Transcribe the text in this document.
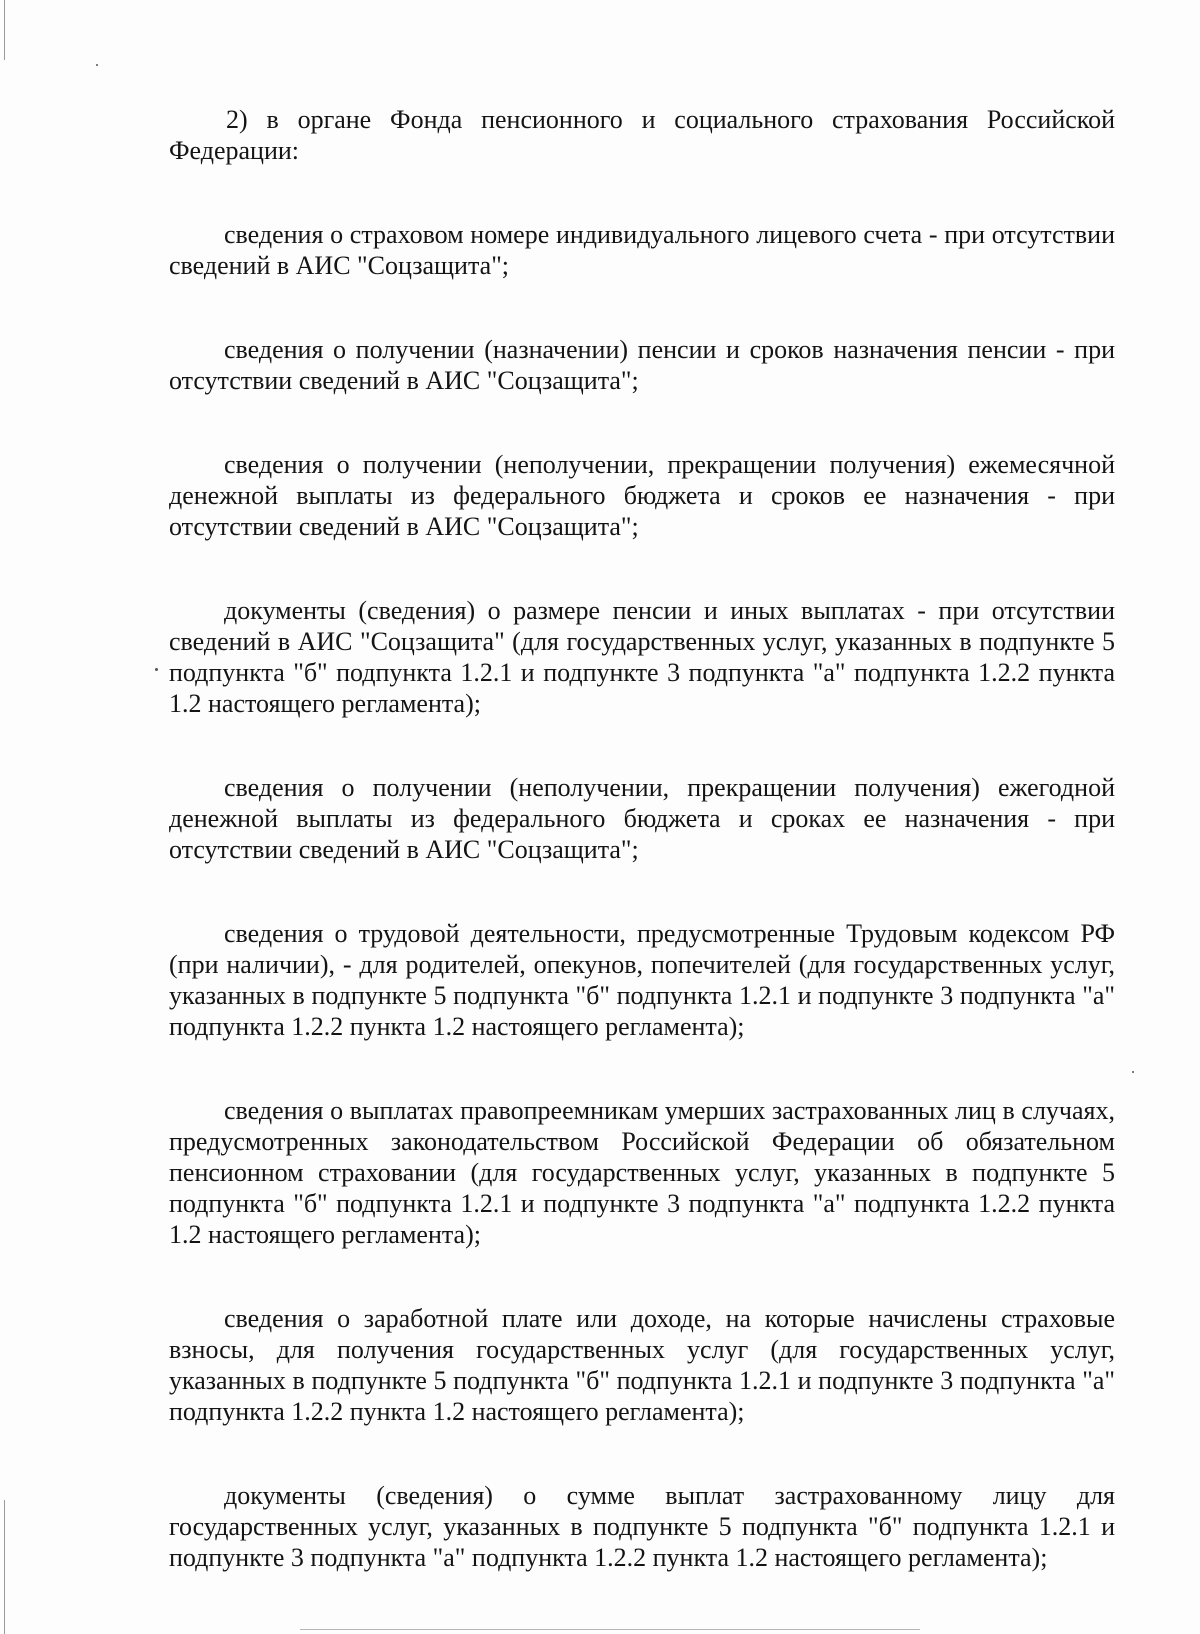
2) в органе Фонда пенсионного и социального страхования Российской Федерации:

сведения о страховом номере индивидуального лицевого счета - при отсутствии сведений в АИС "Соцзащита";

сведения о получении (назначении) пенсии и сроков назначения пенсии - при отсутствии сведений в АИС "Соцзащита";

сведения о получении (неполучении, прекращении получения) ежемесячной денежной выплаты из федерального бюджета и сроков ее назначения - при отсутствии сведений в АИС "Соцзащита";

документы (сведения) о размере пенсии и иных выплатах - при отсутствии сведений в АИС "Соцзащита" (для государственных услуг, указанных в подпункте 5 подпункта "б" подпункта 1.2.1 и подпункте 3 подпункта "а" подпункта 1.2.2 пункта 1.2 настоящего регламента);

сведения о получении (неполучении, прекращении получения) ежегодной денежной выплаты из федерального бюджета и сроках ее назначения - при отсутствии сведений в АИС "Соцзащита";

сведения о трудовой деятельности, предусмотренные Трудовым кодексом РФ (при наличии), - для родителей, опекунов, попечителей (для государственных услуг, указанных в подпункте 5 подпункта "б" подпункта 1.2.1 и подпункте 3 подпункта "а" подпункта 1.2.2 пункта 1.2 настоящего регламента);

сведения о выплатах правопреемникам умерших застрахованных лиц в случаях, предусмотренных законодательством Российской Федерации об обязательном пенсионном страховании (для государственных услуг, указанных в подпункте 5 подпункта "б" подпункта 1.2.1 и подпункте 3 подпункта "а" подпункта 1.2.2 пункта 1.2 настоящего регламента);

сведения о заработной плате или доходе, на которые начислены страховые взносы, для получения государственных услуг (для государственных услуг, указанных в подпункте 5 подпункта "б" подпункта 1.2.1 и подпункте 3 подпункта "а" подпункта 1.2.2 пункта 1.2 настоящего регламента);

документы (сведения) о сумме выплат застрахованному лицу для государственных услуг, указанных в подпункте 5 подпункта "б" подпункта 1.2.1 и подпункте 3 подпункта "а" подпункта 1.2.2 пункта 1.2 настоящего регламента);
